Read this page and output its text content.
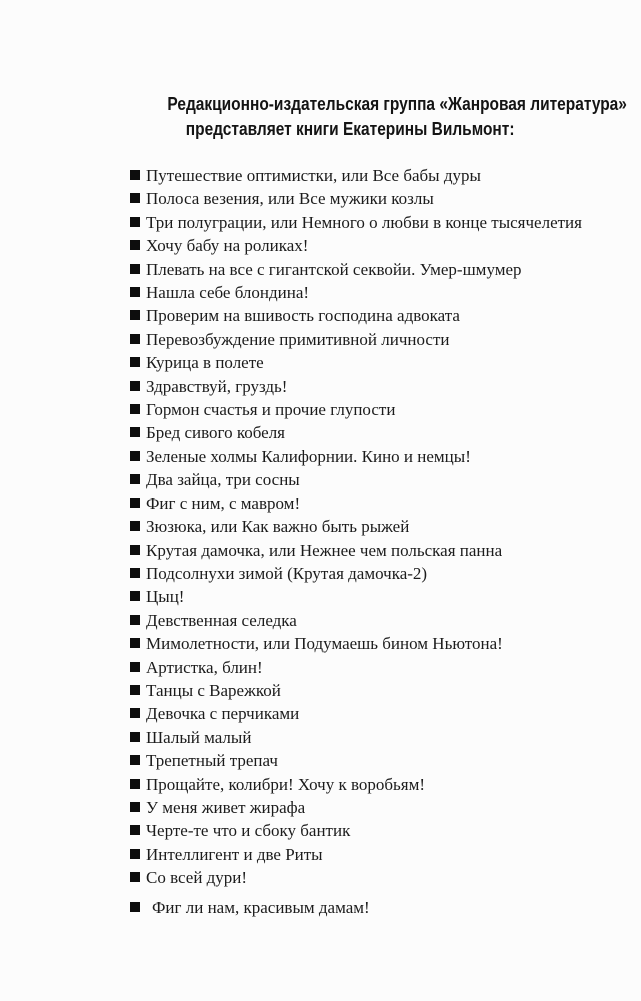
Редакционно-издательская группа «Жанровая литература»
представляет книги Екатерины Вильмонт:
Путешествие оптимистки, или Все бабы дуры
Полоса везения, или Все мужики козлы
Три полуграции, или Немного о любви в конце тысячелетия
Хочу бабу на роликах!
Плевать на все с гигантской секвойи. Умер-шмумер
Нашла себе блондина!
Проверим на вшивость господина адвоката
Перевозбуждение примитивной личности
Курица в полете
Здравствуй, груздь!
Гормон счастья и прочие глупости
Бред сивого кобеля
Зеленые холмы Калифорнии. Кино и немцы!
Два зайца, три сосны
Фиг с ним, с мавром!
Зюзюка, или Как важно быть рыжей
Крутая дамочка, или Нежнее чем польская панна
Подсолнухи зимой (Крутая дамочка-2)
Цыц!
Девственная селедка
Мимолетности, или Подумаешь бином Ньютона!
Артистка, блин!
Танцы с Варежкой
Девочка с перчиками
Шалый малый
Трепетный трепач
Прощайте, колибри! Хочу к воробьям!
У меня живет жирафа
Черте-те что и сбоку бантик
Интеллигент и две Риты
Со всей дури!
Фиг ли нам, красивым дамам!
